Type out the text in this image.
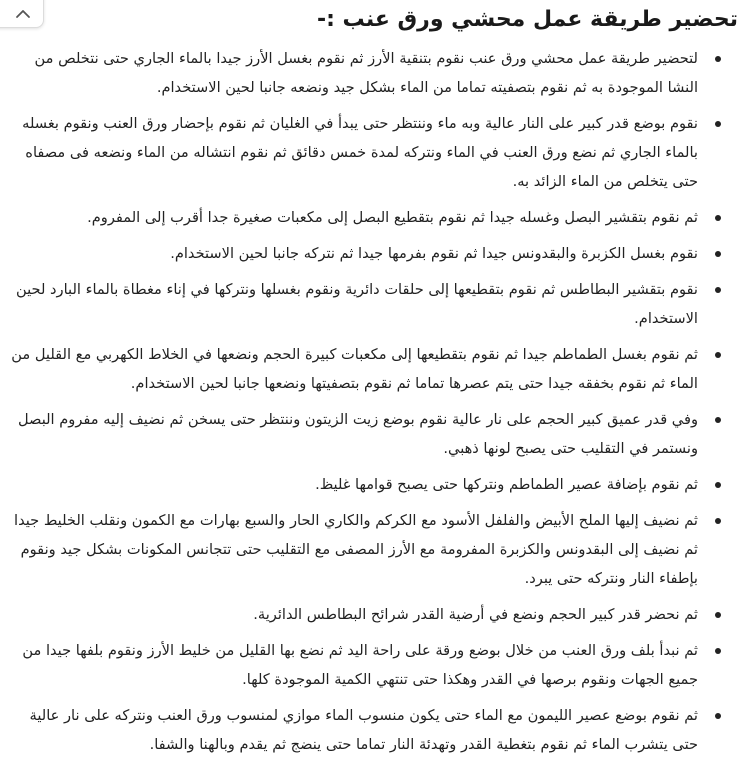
تحضير طريقة عمل محشي ورق عنب :-
لتحضير طريقة عمل محشي ورق عنب نقوم بتنقية الأرز ثم نقوم بغسل الأرز جيدا بالماء الجاري حتى نتخلص من النشا الموجودة به ثم نقوم بتصفيته تماما من الماء بشكل جيد ونضعه جانبا لحين الاستخدام.
نقوم بوضع قدر كبير على النار عالية وبه ماء وننتظر حتى يبدأ في الغليان ثم نقوم بإحضار ورق العنب ونقوم بغسله بالماء الجاري ثم نضع ورق العنب في الماء ونتركه لمدة خمس دقائق ثم نقوم انتشاله من الماء ونضعه فى مصفاه حتى يتخلص من الماء الزائد به.
ثم نقوم بتقشير البصل وغسله جيدا ثم نقوم بتقطيع البصل إلى مكعبات صغيرة جدا أقرب إلى المفروم.
نقوم بغسل الكزبرة والبقدونس جيدا ثم نقوم بفرمها جيدا ثم نتركه جانبا لحين الاستخدام.
نقوم بتقشير البطاطس ثم نقوم بتقطيعها إلى حلقات دائرية ونقوم بغسلها ونتركها في إناء مغطاة بالماء البارد لحين الاستخدام.
ثم نقوم بغسل الطماطم جيدا ثم نقوم بتقطيعها إلى مكعبات كبيرة الحجم ونضعها في الخلاط الكهربي مع القليل من الماء ثم نقوم بخفقه جيدا حتى يتم عصرها تماما ثم نقوم بتصفيتها ونضعها جانبا لحين الاستخدام.
وفي قدر عميق كبير الحجم على نار عالية نقوم بوضع زيت الزيتون وننتظر حتى يسخن ثم نضيف إليه مفروم البصل ونستمر في التقليب حتى يصبح لونها ذهبي.
ثم نقوم بإضافة عصير الطماطم ونتركها حتى يصبح قوامها غليظ.
ثم نضيف إليها الملح الأبيض والفلفل الأسود مع الكركم والكاري الحار والسبع بهارات مع الكمون ونقلب الخليط جيدا ثم نضيف إلى البقدونس والكزبرة المفرومة مع الأرز المصفى مع التقليب حتى تتجانس المكونات بشكل جيد ونقوم بإطفاء النار ونتركه حتى يبرد.
ثم نحضر قدر كبير الحجم ونضع في أرضية القدر شرائح البطاطس الدائرية.
ثم نبدأ بلف ورق العنب من خلال بوضع ورقة على راحة اليد ثم نضع بها القليل من خليط الأرز ونقوم بلفها جيدا من جميع الجهات ونقوم برصها في القدر وهكذا حتى تنتهي الكمية الموجودة كلها.
ثم نقوم بوضع عصير الليمون مع الماء حتى يكون منسوب الماء موازي لمنسوب ورق العنب ونتركه على نار عالية حتى يتشرب الماء ثم نقوم بتغطية القدر وتهدئة النار تماما حتى ينضج ثم يقدم وبالهنا والشفا.
